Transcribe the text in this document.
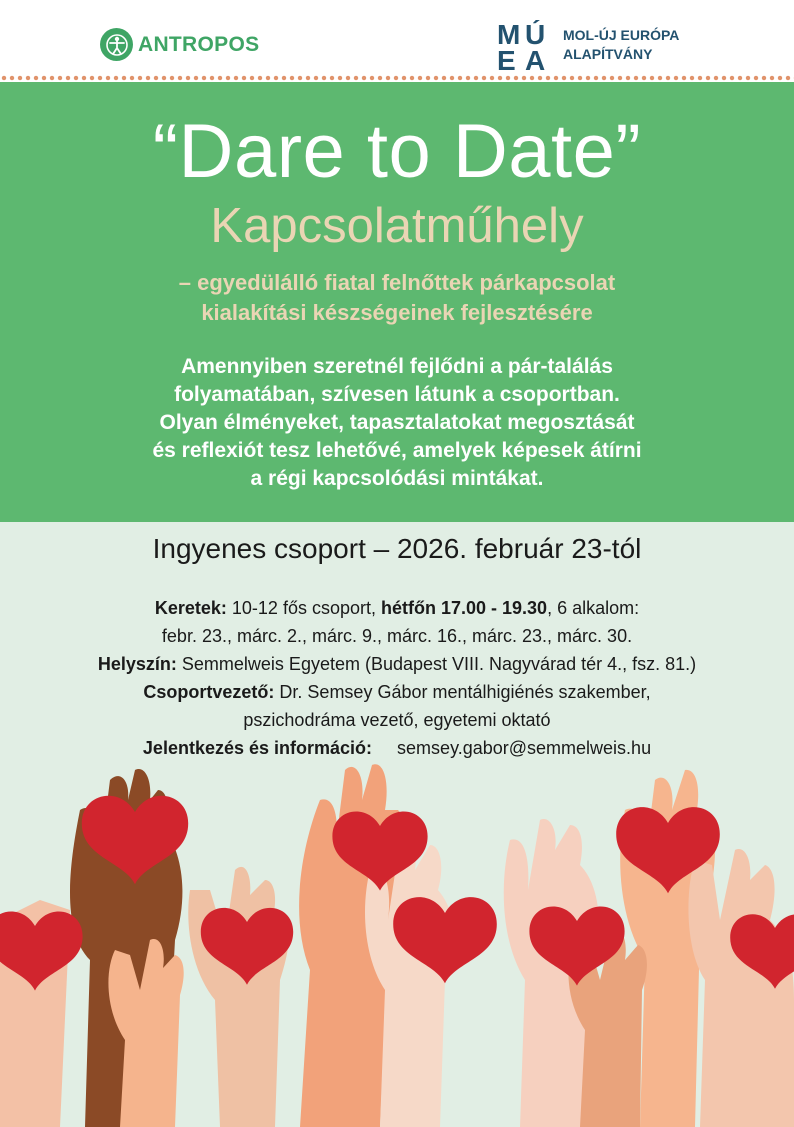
ANTROPOS	M Ú
E A
MOL-ÚJ EURÓPA
ALAPÍTVÁNY
“Dare to Date”
Kapcsolatműhely
– egyedülálló fiatal felnőttek párkapcsolat
kialakítási készségeinek fejlesztésére
Amennyiben szeretnél fejlődni a pár-találás
folyamatában, szívesen látunk a csoportban.
Olyan élményeket, tapasztalatokat megosztását
és reflexiót tesz lehetővé, amelyek képesek átírni
a régi kapcsolódási mintákat.
Ingyenes csoport – 2026. február 23-tól
Keretek: 10-12 fős csoport, hétfőn 17.00 - 19.30, 6 alkalom:
febr. 23., márc. 2., márc. 9., márc. 16., márc. 23., márc. 30.
Helyszín: Semmelweis Egyetem (Budapest VIII. Nagyvárad tér 4., fsz. 81.)
Csoportvezető: Dr. Semsey Gábor mentálhigiénés szakember,
pszichodráma vezető, egyetemi oktató
Jelentkezés és információ: semsey.gabor@semmelweis.hu
